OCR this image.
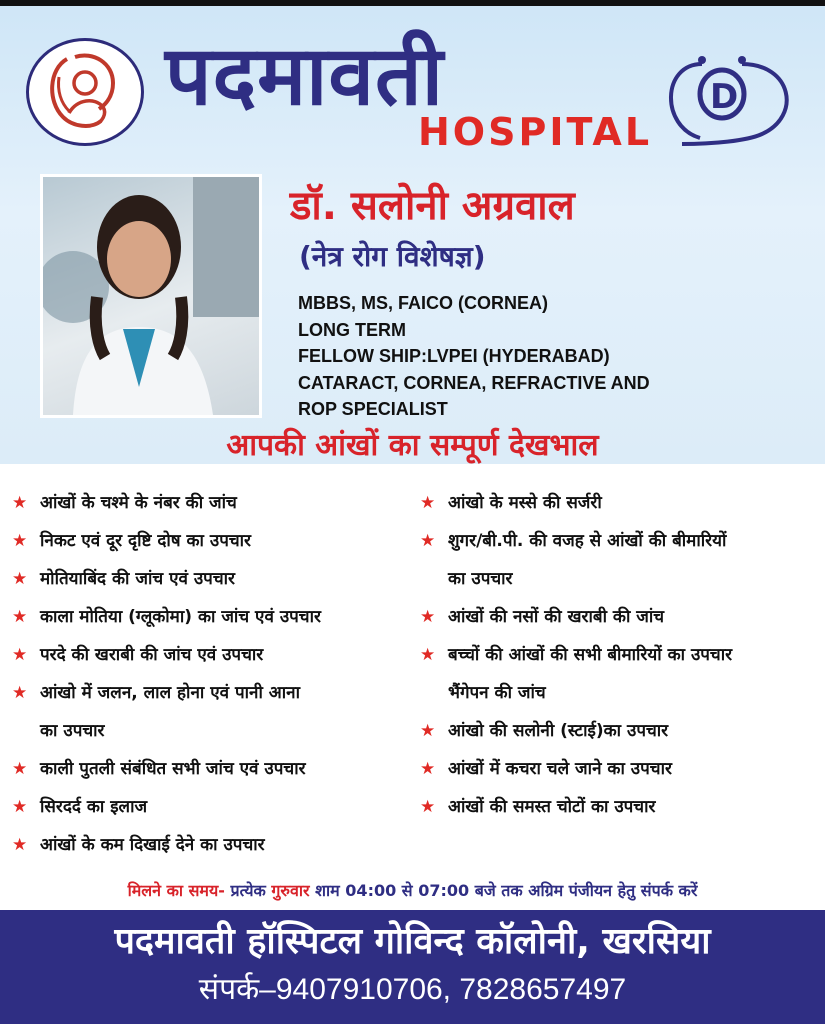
पदमावती
HOSPITAL
D
डॉ. सलोनी अग्रवाल
(नेत्र रोग विशेषज्ञ)
MBBS, MS, FAICO (CORNEA)
LONG TERM
FELLOW SHIP:LVPEI (HYDERABAD)
CATARACT, CORNEA, REFRACTIVE AND
ROP SPECIALIST
आपकी आंखों का सम्पूर्ण देखभाल
★ आंखों के चश्मे के नंबर की जांच
★ निकट एवं दूर दृष्टि दोष का उपचार
★ मोतियाबिंद की जांच एवं उपचार
★ काला मोतिया (ग्लूकोमा) का जांच एवं उपचार
★ परदे की खराबी की जांच एवं उपचार
★ आंखो में जलन, लाल होना एवं पानी आना
का उपचार
★ काली पुतली संबंधित सभी जांच एवं उपचार
★ सिरदर्द का इलाज
★ आंखों के कम दिखाई देने का उपचार
★ आंखो के मस्से की सर्जरी
★ शुगर/बी.पी. की वजह से आंखों की बीमारियों
का उपचार
★ आंखों की नसों की खराबी की जांच
★ बच्चों की आंखों की सभी बीमारियों का उपचार
भैंगेपन की जांच
★ आंखो की सलोनी (स्टाई)का उपचार
★ आंखों में कचरा चले जाने का उपचार
★ आंखों की समस्त चोटों का उपचार
मिलने का समय- प्रत्येक गुरुवार शाम 04:00 से 07:00 बजे तक अग्रिम पंजीयन हेतु संपर्क करें
पदमावती हॉस्पिटल गोविन्द कॉलोनी, खरसिया
संपर्क–9407910706, 7828657497
